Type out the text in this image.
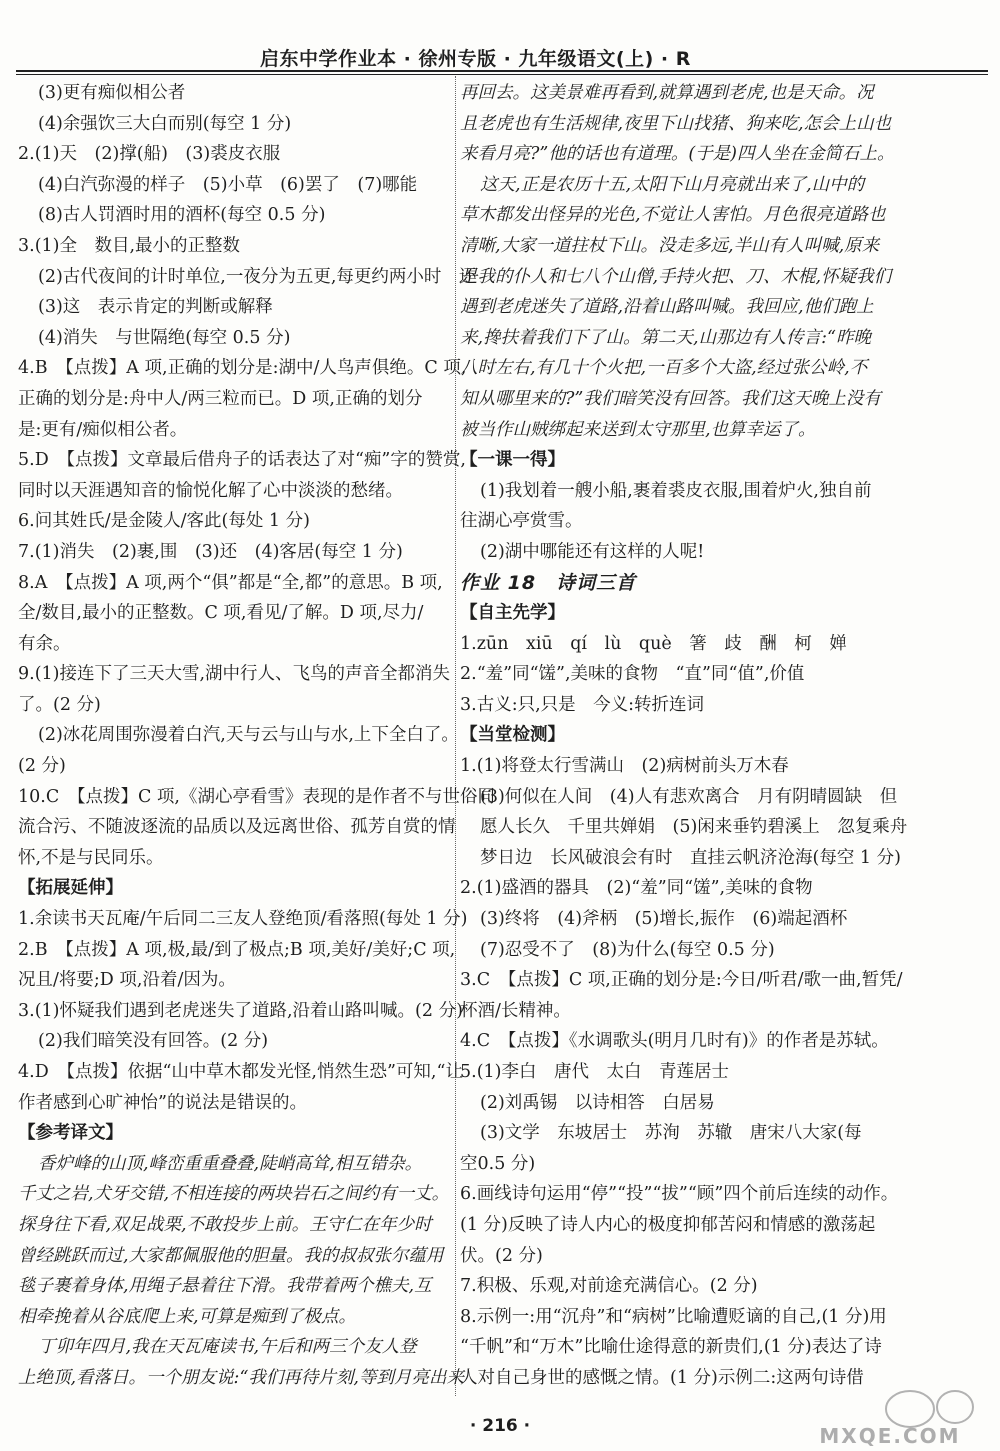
启东中学作业本 · 徐州专版 · 九年级语文(上) · R
(3)更有痴似相公者
(4)余强饮三大白而别(每空 1 分)
2.(1)天　(2)撑(船)　(3)裘皮衣服
(4)白汽弥漫的样子　(5)小草　(6)罢了　(7)哪能
(8)古人罚酒时用的酒杯(每空 0.5 分)
3.(1)全　数目,最小的正整数
(2)古代夜间的计时单位,一夜分为五更,每更约两小时　还
(3)这　表示肯定的判断或解释
(4)消失　与世隔绝(每空 0.5 分)
4.B　【点拨】A 项,正确的划分是:湖中/人鸟声俱绝。C 项,
正确的划分是:舟中人/两三粒而已。D 项,正确的划分
是:更有/痴似相公者。
5.D　【点拨】文章最后借舟子的话表达了对“痴”字的赞赏,
同时以天涯遇知音的愉悦化解了心中淡淡的愁绪。
6.问其姓氏/是金陵人/客此(每处 1 分)
7.(1)消失　(2)裹,围　(3)还　(4)客居(每空 1 分)
8.A　【点拨】A 项,两个“俱”都是“全,都”的意思。B 项,
全/数目,最小的正整数。C 项,看见/了解。D 项,尽力/
有余。
9.(1)接连下了三天大雪,湖中行人、飞鸟的声音全都消失
了。(2 分)
(2)冰花周围弥漫着白汽,天与云与山与水,上下全白了。
(2 分)
10.C　【点拨】C 项,《湖心亭看雪》表现的是作者不与世俗同
流合污、不随波逐流的品质以及远离世俗、孤芳自赏的情
怀,不是与民同乐。
【拓展延伸】
1.余读书天瓦庵/午后同二三友人登绝顶/看落照(每处 1 分)
2.B　【点拨】A 项,极,最/到了极点;B 项,美好/美好;C 项,
况且/将要;D 项,沿着/因为。
3.(1)怀疑我们遇到老虎迷失了道路,沿着山路叫喊。(2 分)
(2)我们暗笑没有回答。(2 分)
4.D　【点拨】依据“山中草木都发光怪,悄然生恐”可知,“让
作者感到心旷神怡”的说法是错误的。
【参考译文】
香炉峰的山顶,峰峦重重叠叠,陡峭高耸,相互错杂。
千丈之岩,犬牙交错,不相连接的两块岩石之间约有一丈。
探身往下看,双足战栗,不敢投步上前。王守仁在年少时
曾经跳跃而过,大家都佩服他的胆量。我的叔叔张尔蕴用
毯子裹着身体,用绳子悬着往下滑。我带着两个樵夫,互
相牵挽着从谷底爬上来,可算是痴到了极点。
丁卯年四月,我在天瓦庵读书,午后和两三个友人登
上绝顶,看落日。一个朋友说:“我们再待片刻,等到月亮出来
再回去。这美景难再看到,就算遇到老虎,也是天命。况
且老虎也有生活规律,夜里下山找猪、狗来吃,怎会上山也
来看月亮?”他的话也有道理。(于是)四人坐在金简石上。
这天,正是农历十五,太阳下山月亮就出来了,山中的
草木都发出怪异的光色,不觉让人害怕。月色很亮道路也
清晰,大家一道拄杖下山。没走多远,半山有人叫喊,原来
是我的仆人和七八个山僧,手持火把、刀、木棍,怀疑我们
遇到老虎迷失了道路,沿着山路叫喊。我回应,他们跑上
来,搀扶着我们下了山。第二天,山那边有人传言:“昨晚
八时左右,有几十个火把,一百多个大盗,经过张公岭,不
知从哪里来的?”我们暗笑没有回答。我们这天晚上没有
被当作山贼绑起来送到太守那里,也算幸运了。
【一课一得】
(1)我划着一艘小船,裹着裘皮衣服,围着炉火,独自前
往湖心亭赏雪。
(2)湖中哪能还有这样的人呢!
作业 18　诗词三首
【自主先学】
1.zūn　xiū　qí　lù　què　箸　歧　酬　柯　婵
2.“羞”同“馐”,美味的食物　“直”同“值”,价值
3.古义:只,只是　今义:转折连词
【当堂检测】
1.(1)将登太行雪满山　(2)病树前头万木春
(3)何似在人间　(4)人有悲欢离合　月有阴晴圆缺　但
愿人长久　千里共婵娟　(5)闲来垂钓碧溪上　忽复乘舟
梦日边　长风破浪会有时　直挂云帆济沧海(每空 1 分)
2.(1)盛酒的器具　(2)“羞”同“馐”,美味的食物
(3)终将　(4)斧柄　(5)增长,振作　(6)端起酒杯
(7)忍受不了　(8)为什么(每空 0.5 分)
3.C　【点拨】C 项,正确的划分是:今日/听君/歌一曲,暂凭/
杯酒/长精神。
4.C　【点拨】《水调歌头(明月几时有)》的作者是苏轼。
5.(1)李白　唐代　太白　青莲居士
(2)刘禹锡　以诗相答　白居易
(3)文学　东坡居士　苏洵　苏辙　唐宋八大家(每
空0.5 分)
6.画线诗句运用“停”“投”“拔”“顾”四个前后连续的动作。
(1 分)反映了诗人内心的极度抑郁苦闷和情感的激荡起
伏。(2 分)
7.积极、乐观,对前途充满信心。(2 分)
8.示例一:用“沉舟”和“病树”比喻遭贬谪的自己,(1 分)用
“千帆”和“万木”比喻仕途得意的新贵们,(1 分)表达了诗
人对自己身世的感慨之情。(1 分)示例二:这两句诗借
· 216 ·	MXQE.COM
